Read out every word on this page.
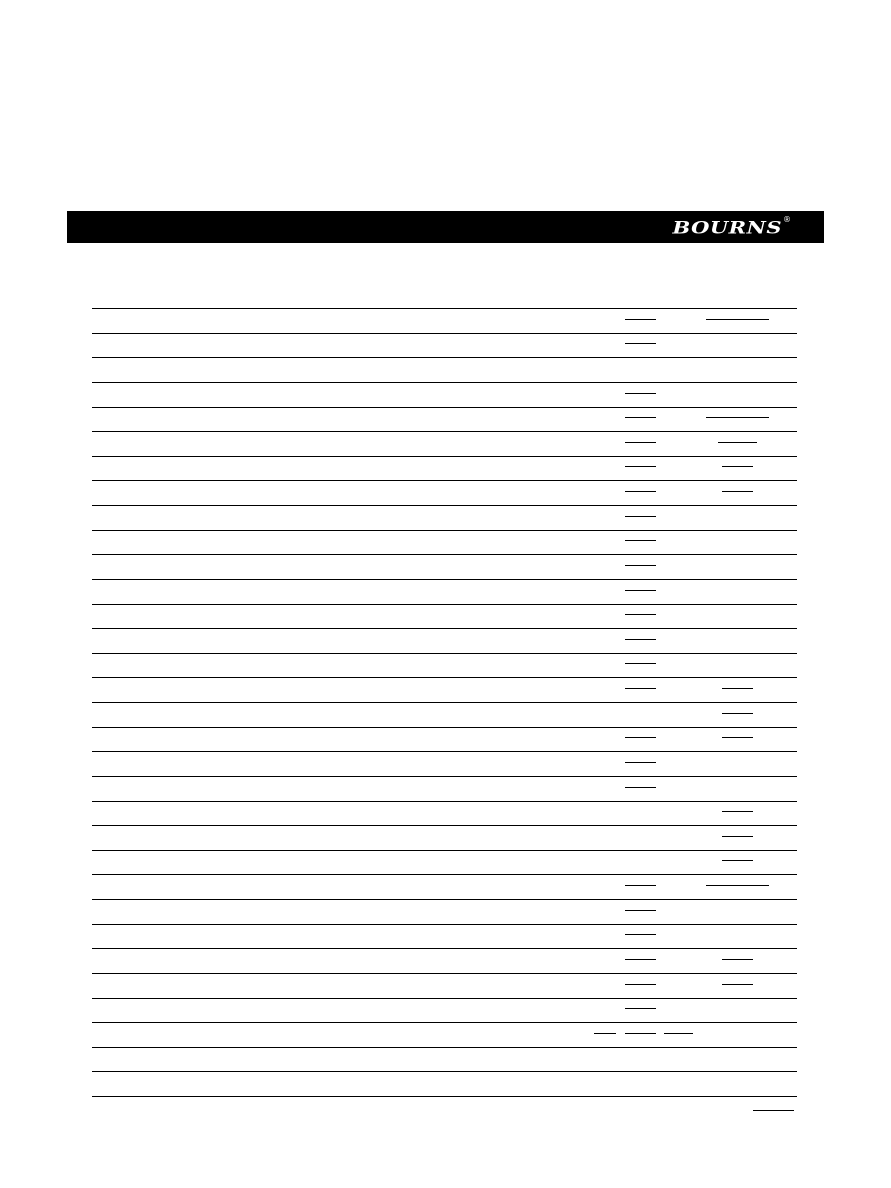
BOURNS ®
